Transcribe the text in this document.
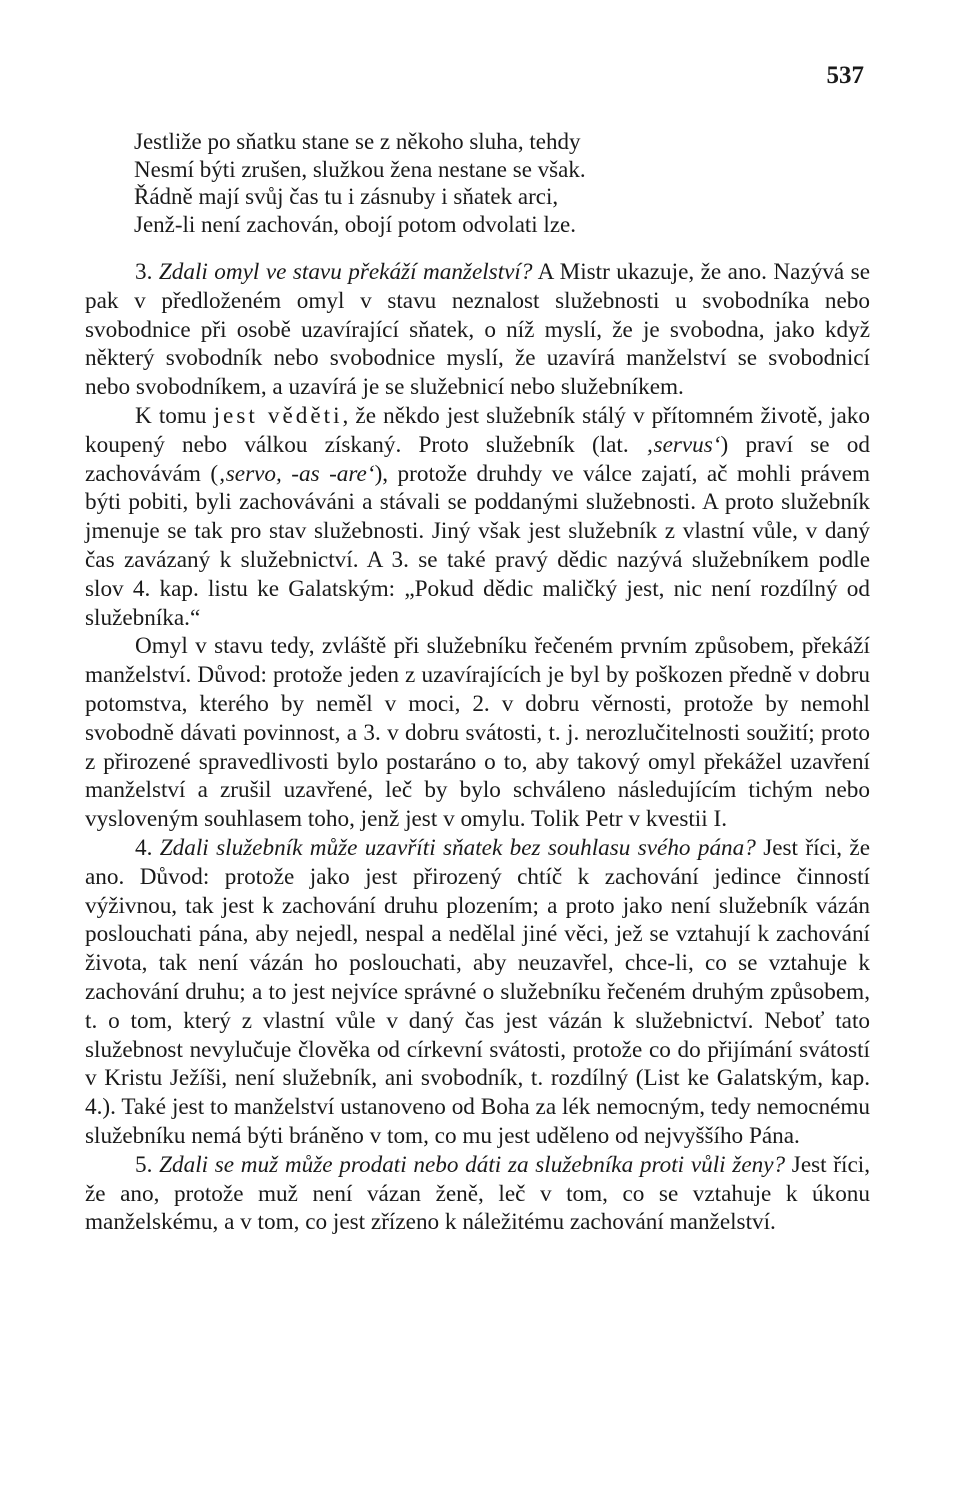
537
Jestliže po sňatku stane se z někoho sluha, tehdy
Nesmí býti zrušen, služkou žena nestane se však.
Řádně mají svůj čas tu i zásnuby i sňatek arci,
Jenž-li není zachován, obojí potom odvolati lze.

3. Zdali omyl ve stavu překáží manželství? A Mistr ukazuje, že ano. Nazývá se pak v předloženém omyl v stavu neznalost služebnosti u svobodníka nebo svobodnice při osobě uzavírající sňatek, o níž myslí, že je svobodna, jako když některý svobodník nebo svobodnice myslí, že uzavírá manželství se svobodnicí nebo svobodníkem, a uzavírá je se služebnicí nebo služebníkem.

K tomu jest věděti, že někdo jest služebník stálý v přítomném životě, jako koupený nebo válkou získaný. Proto služebník (lat. ‚servus‘) praví se od zachovávám (‚servo, -as -are‘), protože druhdy ve válce zajatí, ač mohli právem býti pobiti, byli zachováváni a stávali se poddanými služebnosti. A proto služebník jmenuje se tak pro stav služebnosti. Jiný však jest služebník z vlastní vůle, v daný čas zavázaný k služebnictví. A 3. se také pravý dědic nazývá služebníkem podle slov 4. kap. listu ke Galatským: „Pokud dědic maličký jest, nic není rozdílný od služebníka.“

Omyl v stavu tedy, zvláště při služebníku řečeném prvním způsobem, překáží manželství. Důvod: protože jeden z uzavírajících je byl by poškozen předně v dobru potomstva, kterého by neměl v moci, 2. v dobru věrnosti, protože by nemohl svobodně dávati povinnost, a 3. v dobru svátosti, t. j. nerozlučitelnosti soužití; proto z přirozené spravedlivosti bylo postaráno o to, aby takový omyl překážel uzavření manželství a zrušil uzavřené, leč by bylo schváleno následujícím tichým nebo vysloveným souhlasem toho, jenž jest v omylu. Tolik Petr v kvestii I.

4. Zdali služebník může uzavříti sňatek bez souhlasu svého pána? Jest říci, že ano. Důvod: protože jako jest přirozený chtíč k zachování jedince činností výživnou, tak jest k zachování druhu plozením; a proto jako není služebník vázán poslouchati pána, aby nejedl, nespal a nedělal jiné věci, jež se vztahují k zachování života, tak není vázán ho poslouchati, aby neuzavřel, chce-li, co se vztahuje k zachování druhu; a to jest nejvíce správné o služebníku řečeném druhým způsobem, t. o tom, který z vlastní vůle v daný čas jest vázán k služebnictví. Neboť tato služebnost nevylučuje člověka od církevní svátosti, protože co do přijímání svátostí v Kristu Ježíši, není služebník, ani svobodník, t. rozdílný (List ke Galatským, kap. 4.). Také jest to manželství ustanoveno od Boha za lék nemocným, tedy nemocnému služebníku nemá býti bráněno v tom, co mu jest uděleno od nejvyššího Pána.

5. Zdali se muž může prodati nebo dáti za služebníka proti vůli ženy? Jest říci, že ano, protože muž není vázan ženě, leč v tom, co se vztahuje k úkonu manželskému, a v tom, co jest zřízeno k náležitému zachování manželství.
